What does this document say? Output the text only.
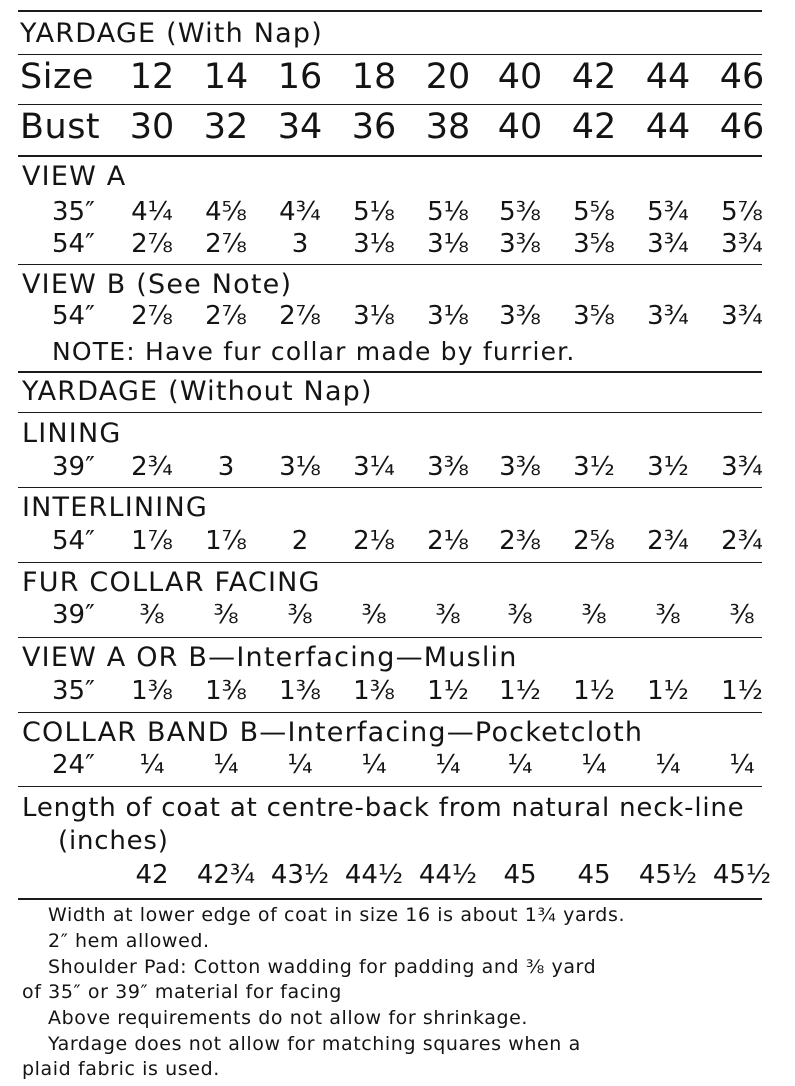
YARDAGE (With Nap)
Size	12 14 16 18 20 40 42 44 46
Bust 30 32 34 36 38 40 42 44 46
VIEW A
35″	4¼	4⅝	4¾	5⅛	5⅛	5⅜	5⅝	5¾	5⅞
54″	2⅞	2⅞	3	3⅛	3⅛	3⅜	3⅝	3¾	3¾
VIEW B (See Note)
54″	2⅞	2⅞	2⅞	3⅛	3⅛	3⅜	3⅝	3¾	3¾
NOTE: Have fur collar made by furrier.
YARDAGE (Without Nap)
LINING
39″	2¾	3	3⅛	3¼	3⅜	3⅜	3½	3½	3¾
INTERLINING
54″	1⅞	1⅞	2	2⅛	2⅛	2⅜	2⅝	2¾	2¾
FUR COLLAR FACING
39″	⅜	⅜	⅜	⅜	⅜	⅜	⅜	⅜	⅜
VIEW A OR B—Interfacing—Muslin
35″	1⅜	1⅜	1⅜	1⅜	1½	1½	1½	1½	1½
COLLAR BAND B—Interfacing—Pocketcloth
24″	¼	¼	¼	¼	¼	¼	¼	¼	¼
Length of coat at centre-back from natural neck-line
(inches)
42	42¾ 43½ 44½ 44½	45	45	45½ 45½
Width at lower edge of coat in size 16 is about 1¾ yards.
2″ hem allowed.
Shoulder Pad: Cotton wadding for padding and ⅜ yard
of 35″ or 39″ material for facing
Above requirements do not allow for shrinkage.
Yardage does not allow for matching squares when a
plaid fabric is used.
